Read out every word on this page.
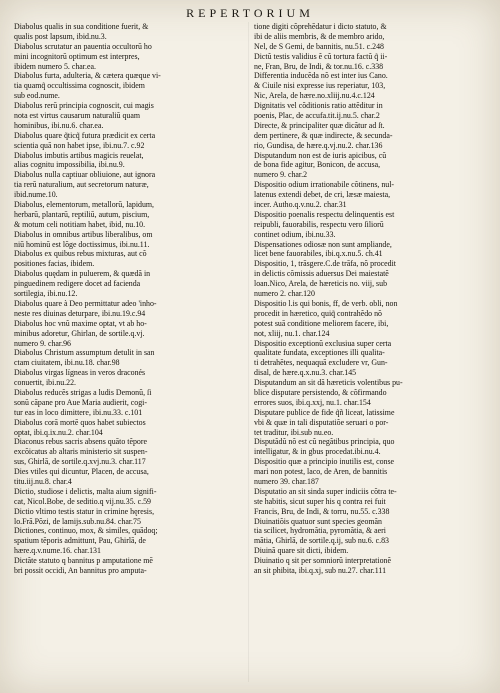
REPERTORIUM
Diabolus qualis in sua conditione fuerit, &
qualis post lapsum, ibid.nu.3.
Diabolus scrutatur an pauentia occultorū ho
mini incognitorū optimum est interpres,
ibidem numero 5. char.ea.
Diabolus furta, adulteria, & cætera quæque vi-
tia quamq̃ occultissima cognoscit, ibidem
sub eod.nume.
Diabolus rerū principia cognoscit, cui magis
nota est virtus causarum naturaliū quam
hominibus, ibi.nu.6. char.ea.
Diabolus quare q̃ticq̃ futura prædicit ex certa
scientia quā non habet ipse, ibi.nu.7. c.92
Diabolus imbutis artibus magicis reuelat,
alias cognitu impossibilia, ibi.nu.9.
Diabolus nulla captiuar obliuione, aut ignora
tia rerū naturalium, aut secretorum naturæ,
ibid.nume.10.
Diabolus, elementorum, metallorū, lapidum,
herbarū, plantarū, reptiliū, autum, piscium,
& motum celi notitiam habet, ibid, nu.10.
Diabolus in omnibus artibus liberalibus, om
niū hominū est lõge doctissimus, ibi.nu.11.
Diabolus ex quibus rebus mixturas, aut cõ
positiones facias, ibidem.
Diabolus quędam in puluerem, & quædã in
pinguedinem redigere docet ad facienda
sortilegia, ibi.nu.12.
Diabolus quare à Deo permittatur adeo 'inho-
neste res diuinas deturpare, ibi.nu.19.c.94
Diabolus hoc vnũ maxime optat, vt ab ho-
minibus adoretur, Ghirlan, de sortile.q.vj.
numero 9. char.96
Diabolus Christum assumptum detulit in san
ctam ciuitatem, ibi.nu.18. char.98
Diabolus virgas lígneas in veros draconés
conuertit, ibi.nu.22.
Diabolus reducẽs strigas a ludis Demonũ, ſi
sonũ cāpane pro Aue Maria audierit, cogi-
tur eas in loco dimittere, ibi.nu.33. c.101
Diabolus corā mortē quos habet subiectos
optat, ibi.q.ix.nu.2. char.104
Diaconus rebus sacris absens quāto tẽpore
excõicatus ab altaris ministerio sit suspen-
sus, Ghirlā, de sortile.q.xvj.nu.3. char.117
Dies vtiles qui dicuntur, Placen, de accusa,
titu.iij.nu.8. char.4
Dictio, studiose i delictis, malta aium signifi-
cat, Nicol.Bobe, de seditio.q vij.nu.35. c.59
Dictio vltimo testis statur in crimine hęresis,
lo.Frā.Põzi, de lamijs.sub.nu.84. char.75
Dictiones, continuo, mox, & similes, quādoq;
spatium tẽporis admittunt, Pau, Ghirlā, de
hære.q.v.nume.16. char.131
Dictãte statuto q bannitus p amputatione mē
bri possit occidi, An bannitus pro amputa-
tione digiti cõprehēdatur i dicto statuto, &
ibi de aliis membris, & de membro arido,
Nel, de S Gemi, de bannitis, nu.51. c.248
Dictũ testis validius ẽ cũ tortura factũ q̃ ii-
ne, Fran, Bru, de Indi, & tor.nu.16. c.338
Differentia inducẽda nõ est inter ius Cano.
& Ciuile nisi expresse ius reperiatur, 103,
Nic, Arela, de hære.no.xliij.nu.4.c.124
Dignitatis vel cõditionis ratio attẽditur in
poenis, Plac, de accufa.tit.ij.nu.5. char.2
Directe, & principaliter quæ dicãtur ad ſt.
dem pertinere, & quæ indirecte, & secunda-
rio, Gundisa, de hære.q.vj.nu.2. char.136
Disputandum non est de iuris apicibus, cũ
de bona fide agitur, Bonicon, de accusa,
numero 9. char.2
Dispositio odium irrationabile cõtinens, nul-
latenus extendi debet, de cri, læsæ maiesta,
incer. Autho.q.v.nu.2. char.31
Dispositio poenalis respectu delinquentis est
reipubli, fauorabilis, respectu vero ſiliorū
continet odium, ibi.nu.33.
Dispensationes odiosæ non sunt ampliande,
licet bene fauorabiles, ibi.q.x.nu.5. ch.41
Dispositio, 1, trāsgere.C.de trāfa, nõ procedit
in delictis cõmissis aduersus Dei maiestatẽ
loan.Nico, Arela, de hæreticis no. viij, sub
numero 2. char.120
Dispositio l.is qui bonis, ff, de verb. obli, non
procedit in hæretico, quiq̃ contrahẽdo nõ
potest suā conditione meliorem facere, ibi,
not, xliij, nu.1. char.124
Dispositio exceptionũ exclusiua super certa
qualitate fundata, exceptiones illi qualita-
ti detrahẽtes, nequaquā excludere vr, Gun-
disal, de hære.q.x.nu.3. char.145
Disputandum an sit dã hæreticis volentibus pu-
blice disputare persistendo, & cõfirmando
errores suos, ibi.q.xxj, nu.1. char.154
Disputare publice de fide q̃ñ liceat, latissime
vbi & quæ in tali disputatiõe seruari o por-
tet traditur, ibi.sub nu.eo.
Disputãdũ nõ est cũ negãtibus principia, quo
intelligatur, & in gbus procedat.ibi.nu.4.
Dispositio quæ a principio inutilis est, conse
mari non potest, laco, de Aren, de bannitis
numero 39. char.187
Disputatio an sit sinda super indiciis cõtra te-
ste habitis, sicut super his q contra rei fuit
Francis, Bru, de Indi, & torru, nu.55. c.338
Diuinatiõis quatuor sunt species geomãn
tia scilicet, hydromãtia, pyromãtia, & aeri
mãtia, Ghirlā, de sortile.q.ij, sub nu.6. c.83
Diuinã quare sit dicti, ibidem.
Diuinatio q sit per somniorũ interpretationẽ
an sit phibita, ibi.q.xj, sub nu.27. char.111
